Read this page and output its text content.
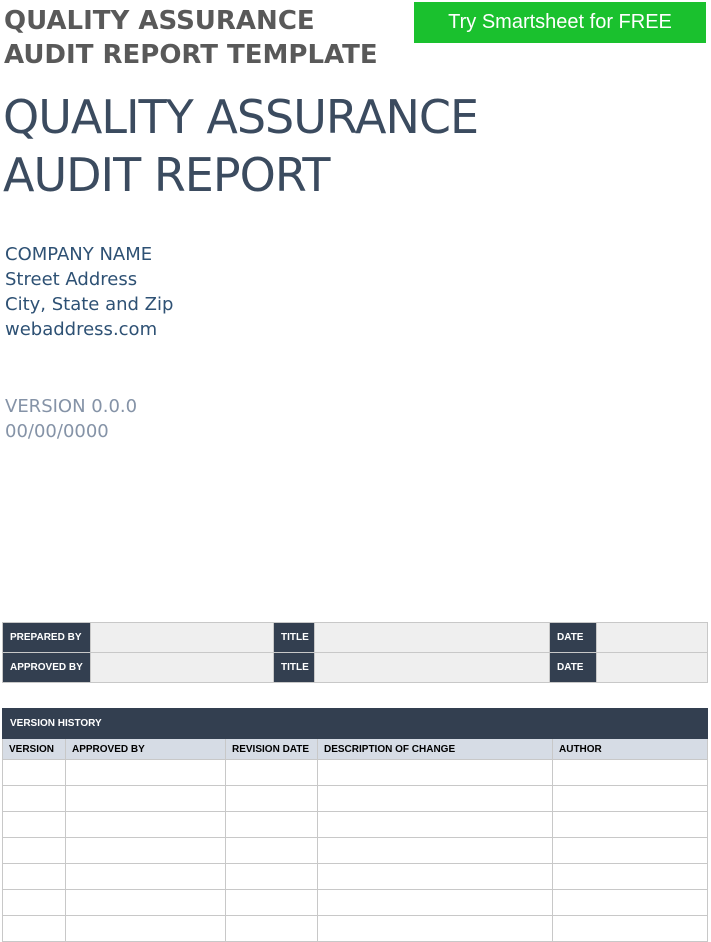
QUALITY ASSURANCE
AUDIT REPORT TEMPLATE
Try Smartsheet for FREE
QUALITY ASSURANCE
AUDIT REPORT
COMPANY NAME
Street Address
City, State and Zip
webaddress.com
VERSION 0.0.0
00/00/0000
PREPARED BY		TITLE		DATE	
APPROVED BY		TITLE		DATE	
VERSION HISTORY				
VERSION	APPROVED BY	REVISION DATE	DESCRIPTION OF CHANGE	AUTHOR
